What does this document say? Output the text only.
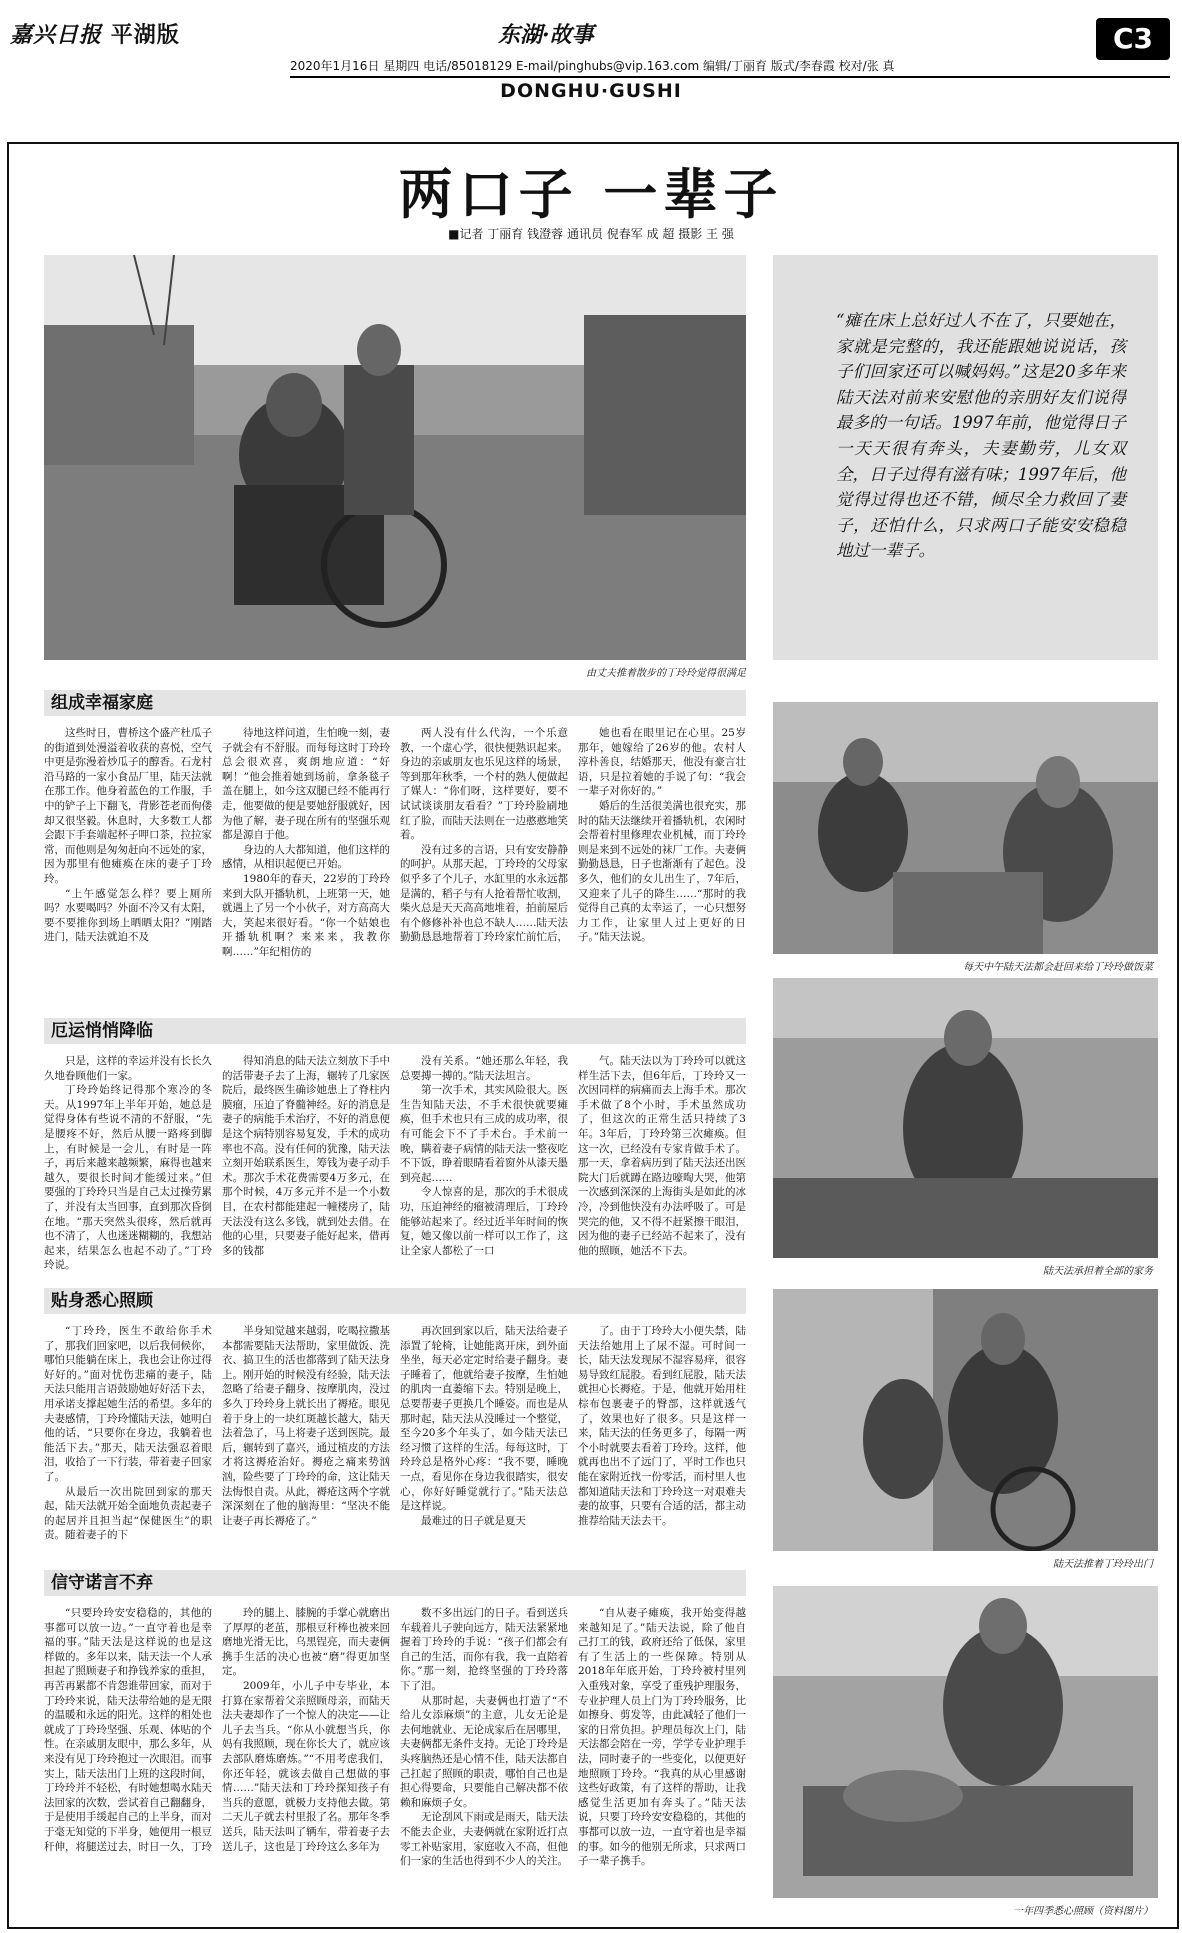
嘉兴日报 平湖版	东湖·故事	C3
2020年1月16日 星期四 电话/85018129 E-mail/pinghubs@vip.163.com 编辑/丁丽育 版式/李春霞 校对/张 真
DONGHU·GUSHI
两口子 一辈子
■记者 丁丽育 钱澄蓉 通讯员 倪春军 成 超 摄影 王 强
由丈夫推着散步的丁玲玲觉得很满足
“瘫在床上总好过人不在了，只要她在，家就是完整的，我还能跟她说说话，孩子们回家还可以喊妈妈。”这是20多年来陆天法对前来安慰他的亲朋好友们说得最多的一句话。1997年前，他觉得日子一天天很有奔头，夫妻勤劳，儿女双全，日子过得有滋有味；1997年后，他觉得过得也还不错，倾尽全力救回了妻子，还怕什么，只求两口子能安安稳稳地过一辈子。
每天中午陆天法都会赶回来给丁玲玲做饭菜
陆天法承担着全部的家务
陆天法推着丁玲玲出门
一年四季悉心照顾（资料图片）
组成幸福家庭

这些时日，曹桥这个盛产杜瓜子的街道到处漫溢着收获的喜悦，空气中更是弥漫着炒瓜子的醇香。石龙村沿马路的一家小食品厂里，陆天法就在那工作。他身着蓝色的工作服，手中的铲子上下翻飞，背影苍老而佝偻却又很坚毅。休息时，大多数工人都会跟下手套端起杯子呷口茶，拉拉家常，而他则是匆匆赶向不远处的家，因为那里有他瘫痪在床的妻子丁玲玲。

“上午感觉怎么样？要上厕所吗？水要喝吗？外面不冷又有太阳，要不要推你到场上晒晒太阳？”刚踏进门，陆天法就迫不及

待地这样问道，生怕晚一刻，妻子就会有不舒服。而每每这时丁玲玲总会很欢喜，爽朗地应道：“好啊！”他会推着她到场前，拿条毯子盖在腿上，如今这双腿已经不能再行走，他要做的便是要她舒服就好，因为他了解，妻子现在所有的坚强乐观都是源自于他。

身边的人大都知道，他们这样的感情，从相识起便已开始。

1980年的春天，22岁的丁玲玲来到大队开播轨机，上班第一天，她就遇上了另一个小伙子，对方高高大大，笑起来很好看。“你一个姑娘也开播轨机啊？来来来，我教你啊……”年纪相仿的

两人没有什么代沟，一个乐意教，一个虚心学，很快便熟识起来。身边的亲戚朋友也乐见这样的场景，等到那年秋季，一个村的熟人便做起了媒人：“你们呀，这样要好，要不试试谈谈朋友看看？”丁玲玲脸刷地红了脸，而陆天法则在一边憨憨地笑着。

没有过多的言语，只有安安静静的呵护。从那天起，丁玲玲的父母家似乎多了个儿子，水缸里的水永远都是满的，稻子与有人抢着帮忙收割，柴火总是天天高高地堆着，拍前屋后有个修修补补也总不缺人……陆天法勤勤恳恳地帮着丁玲玲家忙前忙后，

她也看在眼里记在心里。25岁那年，她嫁给了26岁的他。农村人淳朴善良，结婚那天，他没有豪言壮语，只是拉着她的手说了句：“我会一辈子对你好的。”

婚后的生活很美满也很充实，那时的陆天法继续开着播轨机，农闲时会帮着村里修理农业机械，而丁玲玲则是来到不远处的袜厂工作。夫妻俩勤勤恳恳，日子也渐渐有了起色。没多久，他们的女儿出生了，7年后，又迎来了儿子的降生……“那时的我觉得自己真的太幸运了，一心只想努力工作，让家里人过上更好的日子。”陆天法说。

厄运悄悄降临

只是，这样的幸运并没有长长久久地眷顾他们一家。

丁玲玲始终记得那个寒冷的冬天。从1997年上半年开始，她总是觉得身体有些说不清的不舒服，“先是腰疼不好，然后从腰一路疼到脚上，有时候是一会儿，有时是一阵子，再后来越来越频繁，麻得也越来越久，要很长时间才能缓过来。”但要强的丁玲玲只当是自己太过操劳累了，并没有太当回事，直到那次昏倒在地。“那天突然头很疼，然后就再也不清了，人也迷迷糊糊的，我想站起来，结果怎么也起不动了。”丁玲玲说。

得知消息的陆天法立刻放下手中的活带妻子去了上海，辗转了几家医院后，最终医生确诊她患上了脊柱内膜瘤，压迫了脊髓神经。好的消息是妻子的病能手术治疗，不好的消息便是这个病特别容易复发，手术的成功率也不高。没有任何的犹豫，陆天法立刻开始联系医生，筹钱为妻子动手术。那次手术花费需要4万多元，在那个时候，4万多元并不是一个小数目，在农村都能建起一幢楼房了，陆天法没有这么多钱，就到处去借。在他的心里，只要妻子能好起来，借再多的钱都

没有关系。“她还那么年轻，我总要搏一搏的。”陆天法坦言。

第一次手术，其实风险很大。医生告知陆天法，不手术很快就要瘫痪，但手术也只有三成的成功率，很有可能会下不了手术台。手术前一晚，瞒着妻子病情的陆天法一整夜吃不下饭，睁着眼睛看着窗外从漆天墨到亮起……

令人惊喜的是，那次的手术很成功，压迫神经的瘤被清理后，丁玲玲能够站起来了。经过近半年时间的恢复，她又像以前一样可以工作了，这让全家人都松了一口

气。陆天法以为丁玲玲可以就这样生活下去，但6年后，丁玲玲又一次因同样的病痛而去上海手术。那次手术做了8个小时，手术虽然成功了，但这次的正常生活只持续了3年。3年后，丁玲玲第三次瘫痪。但这一次，已经没有专家肯做手术了。那一天，拿着病历到了陆天法还出医院大门后就蹲在路边嚎啕大哭，他第一次感到深深的上海街头是如此的冰冷，冷到他快没有办法呼吸了。可是哭完的他，又不得不赶紧擦干眼泪，因为他的妻子已经站不起来了，没有他的照顾，她活不下去。

贴身悉心照顾

“丁玲玲，医生不敢给你手术了，那我们回家吧，以后我伺候你，哪怕只能躺在床上，我也会让你过得好好的。”面对忧伤悲痛的妻子，陆天法只能用言语鼓励她好好活下去，用承诺支撑起她生活的希望。多年的夫妻感情，丁玲玲懂陆天法，她明白他的话，“只要你在身边，我躺着也能活下去。”那天，陆天法强忍着眼泪，收拾了一下行装，带着妻子回家了。

从最后一次出院回到家的那天起，陆天法就开始全面地负责起妻子的起居并且担当起“保健医生”的职责。随着妻子的下

半身知觉越来越弱，吃喝拉撒基本都需要陆天法帮助，家里做饭、洗衣、搞卫生的活也都落到了陆天法身上。刚开始的时候没有经验，陆天法忽略了给妻子翻身、按摩肌肉，没过多久丁玲玲身上就长出了褥疮。眼见着于身上的一块红斑越长越大，陆天法着急了，马上将妻子送到医院。最后，辗转到了嘉兴，通过植皮的方法才将这褥疮治好。褥疮之痛来势汹汹，险些要了丁玲玲的命，这让陆天法悔恨自责。从此，褥疮这两个字就深深刻在了他的脑海里：“坚决不能让妻子再长褥疮了。”

再次回到家以后，陆天法给妻子添置了轮椅，让她能离开床，到外面坐坐，每天必定定时给妻子翻身。妻子睡着了，他就给妻子按摩，生怕她的肌肉一直萎缩下去。特别是晚上，总要帮妻子更换几个睡姿。而也是从那时起，陆天法从没睡过一个整觉，至今20多个年头了，如今陆天法已经习惯了这样的生活。每每这时，丁玲玲总是格外心疼：“我不要，睡晚一点，看见你在身边我很踏实，很安心，你好好睡觉就行了。”陆天法总是这样说。

最难过的日子就是夏天

了。由于丁玲玲大小便失禁，陆天法给她用上了尿不湿。可时间一长，陆天法发现尿不湿容易痒，很容易导致红屁股。看到红屁股，陆天法就担心长褥疮。于是，他就开始用柱棕布包裹妻子的臀部，这样就透气了，效果也好了很多。只是这样一来，陆天法的任务更多了，每隔一两个小时就要去看着丁玲玲。这样，他就再也出不了远门了，平时工作也只能在家附近找一份零活，而村里人也都知道陆天法和丁玲玲这一对艰难夫妻的故事，只要有合适的活，都主动推荐给陆天法去干。

信守诺言不弃

“只要玲玲安安稳稳的，其他的事都可以放一边。”一直守着也是幸福的事。”陆天法是这样说的也是这样做的。多年以来，陆天法一个人承担起了照顾妻子和挣钱养家的重担，再苦再累都不肯怨谁带回家，而对于丁玲玲来说，陆天法带给她的是无限的温暖和永远的阳光。这样的相处也就成了丁玲玲坚强、乐观、体贴的个性。在亲戚朋友眼中，那么多年，从来没有见丁玲玲抱过一次眼泪。而事实上，陆天法出门上班的这段时间，丁玲玲并不轻松，有时她想喝水陆天法回家的次数，尝试着自己翻翻身，于是使用手缓起自己的上半身，而对于毫无知觉的下半身，她便用一根豆秆伸，将腿送过去，时日一久，丁玲

玲的腿上、膝腕的手掌心就磨出了厚厚的老茧，那根豆秆棒也被来回磨地光滑无比，乌黑锃亮，而夫妻俩携手生活的决心也被“磨”得更加坚定。

2009年，小儿子中专毕业，本打算在家帮着父亲照顾母亲，而陆天法夫妻却作了一个惊人的决定——让儿子去当兵。“你从小就想当兵，你妈有我照顾，现在你长大了，就应该去部队磨炼磨炼。”“不用考虑我们，你还年轻，就该去做自己想做的事情……”陆天法和丁玲玲探知孩子有当兵的意愿，就极力支持他去做。第二天儿子就去村里报了名。那年冬季送兵，陆天法叫了辆车，带着妻子去送儿子，这也是丁玲玲这么多年为

数不多出远门的日子。看到送兵车载着儿子驶向远方，陆天法紧紧地握着丁玲玲的手说：“孩子们都会有自己的生活，而你有我，我一直陪着你。”那一刻，抢终坚强的丁玲玲落下了泪。

从那时起，夫妻俩也打造了“不给儿女添麻烦”的主意，儿女无论是去何地就业、无论成家后在居哪里，夫妻俩都无条件支持。无论丁玲玲是头疼脑热还是心情不佳，陆天法都自己扛起了照顾的职责，哪怕自己也是担心得要命，只要能自己解决都不依赖和麻烦子女。

无论刮风下雨或是雨天，陆天法不能去企业，夫妻俩就在家附近打点零工补贴家用，家庭收入不高，但他们一家的生活也得到不少人的关注。

“自从妻子瘫痪，我开始变得越来越知足了。”陆天法说，除了他自己打工的钱，政府还给了低保，家里有了生活上的一些保障。特别从2018年年底开始，丁玲玲被村里列入重残对象，享受了重残护理服务，专业护理人员上门为丁玲玲服务，比如擦身、剪发等，由此减轻了他们一家的日常负担。护理员每次上门，陆天法都会陪在一旁，学学专业护理手法，同时妻子的一些变化，以便更好地照顾丁玲玲。“我真的从心里感谢这些好政策，有了这样的帮助，让我感觉生活更加有奔头了。”陆天法说，只要丁玲玲安安稳稳的，其他的事都可以放一边，一直守着也是幸福的事。如今的他别无所求，只求两口子一辈子携手。
